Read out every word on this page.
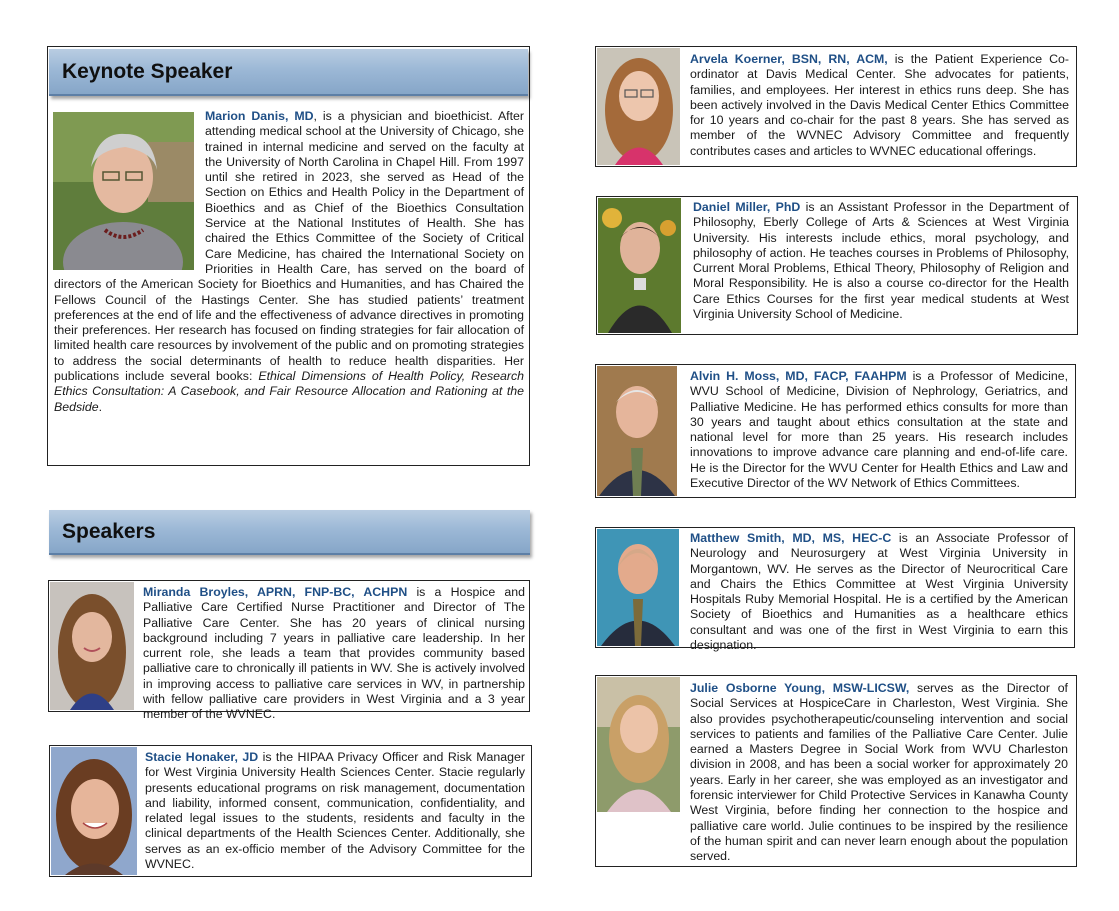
Keynote Speaker

Marion Danis, MD, is a physician and bioethicist. After attending medical school at the University of Chicago, she trained in internal medicine and served on the faculty at the University of North Carolina in Chapel Hill. From 1997 until she retired in 2023, she served as Head of the Section on Ethics and Health Policy in the Department of Bioethics and as Chief of the Bioethics Consultation Service at the National Institutes of Health. She has chaired the Ethics Committee of the Society of Critical Care Medicine, has chaired the International Society on Priorities in Health Care, has served on the board of directors of the American Society for Bioethics and Humanities, and has Chaired the Fellows Council of the Hastings Center. She has studied patients’ treatment preferences at the end of life and the effectiveness of advance directives in promoting their preferences. Her research has focused on finding strategies for fair allocation of limited health care resources by involvement of the public and on promoting strategies to address the social determinants of health to reduce health disparities. Her publications include several books: Ethical Dimensions of Health Policy, Research Ethics Consultation: A Casebook, and Fair Resource Allocation and Rationing at the Bedside.

Speakers

Miranda Broyles, APRN, FNP-BC, ACHPN is a Hospice and Palliative Care Certified Nurse Practitioner and Director of The Palliative Care Center. She has 20 years of clinical nursing background including 7 years in palliative care leadership. In her current role, she leads a team that provides community based palliative care to chronically ill patients in WV. She is actively involved in improving access to palliative care services in WV, in partnership with fellow palliative care providers in West Virginia and a 3 year member of the WVNEC.

Stacie Honaker, JD is the HIPAA Privacy Officer and Risk Manager for West Virginia University Health Sciences Center. Stacie regularly presents educational programs on risk management, documentation and liability, informed consent, communication, confidentiality, and related legal issues to the students, residents and faculty in the clinical departments of the Health Sciences Center. Additionally, she serves as an ex-officio member of the Advisory Committee for the WVNEC.

Arvela Koerner, BSN, RN, ACM, is the Patient Experience Co-ordinator at Davis Medical Center. She advocates for patients, families, and employees. Her interest in ethics runs deep. She has been actively involved in the Davis Medical Center Ethics Committee for 10 years and co-chair for the past 8 years. She has served as member of the WVNEC Advisory Committee and frequently contributes cases and articles to WVNEC educational offerings.

Daniel Miller, PhD is an Assistant Professor in the Department of Philosophy, Eberly College of Arts & Sciences at West Virginia University. His interests include ethics, moral psychology, and philosophy of action. He teaches courses in Problems of Philosophy, Current Moral Problems, Ethical Theory, Philosophy of Religion and Moral Responsibility. He is also a course co-director for the Health Care Ethics Courses for the first year medical students at West Virginia University School of Medicine.

Alvin H. Moss, MD, FACP, FAAHPM is a Professor of Medicine, WVU School of Medicine, Division of Nephrology, Geriatrics, and Palliative Medicine. He has performed ethics consults for more than 30 years and taught about ethics consultation at the state and national level for more than 25 years. His research includes innovations to improve advance care planning and end-of-life care. He is the Director for the WVU Center for Health Ethics and Law and Executive Director of the WV Network of Ethics Committees.

Matthew Smith, MD, MS, HEC-C is an Associate Professor of Neurology and Neurosurgery at West Virginia University in Morgantown, WV. He serves as the Director of Neurocritical Care and Chairs the Ethics Committee at West Virginia University Hospitals Ruby Memorial Hospital. He is a certified by the American Society of Bioethics and Humanities as a healthcare ethics consultant and was one of the first in West Virginia to earn this designation.

Julie Osborne Young, MSW-LICSW, serves as the Director of Social Services at HospiceCare in Charleston, West Virginia. She also provides psychotherapeutic/counseling intervention and social services to patients and families of the Palliative Care Center. Julie earned a Masters Degree in Social Work from WVU Charleston division in 2008, and has been a social worker for approximately 20 years. Early in her career, she was employed as an investigator and forensic interviewer for Child Protective Services in Kanawha County West Virginia, before finding her connection to the hospice and palliative care world. Julie continues to be inspired by the resilience of the human spirit and can never learn enough about the population served.
